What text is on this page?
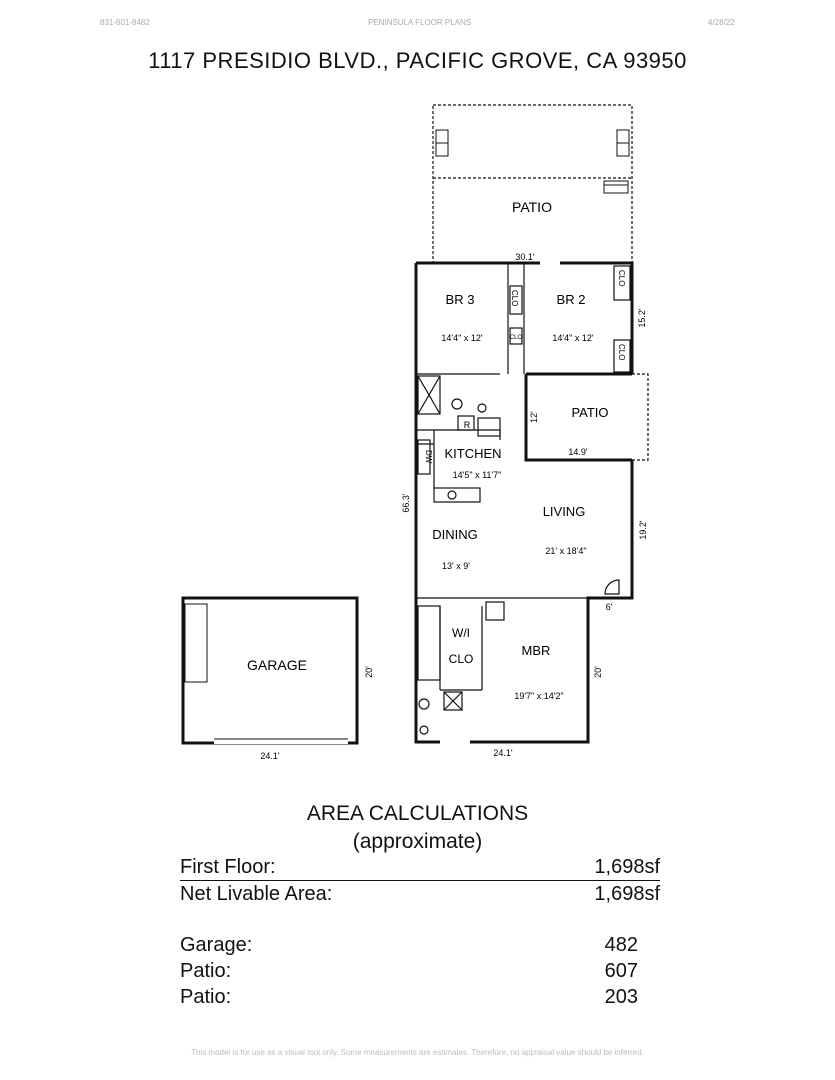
831-601-8482	PENINSULA FLOOR PLANS	4/28/22
1117 PRESIDIO BLVD., PACIFIC GROVE, CA 93950
PATIO
BR 3
14'4" x 12'
BR 2
14'4" x 12'
PATIO
KITCHEN
14'5" x 11'7"
LIVING
21' x 18'4"
DINING
13' x 9'
W/I
CLO
MBR
19'7" x 14'2"
GARAGE
R
DW
CLO
CLO
CLO
CLO
30.1'
15.2'
12'
14.9'
66.3'
19.2'
6'
20'
24.1'
20'
24.1'
AREA CALCULATIONS
(approximate)
First Floor:	1,698sf
Net Livable Area:	1,698sf
Garage:	482
Patio:	607
Patio:	203
This model is for use as a visual tool only. Some measurements are estimates. Therefore, no appraisal value should be inferred.
